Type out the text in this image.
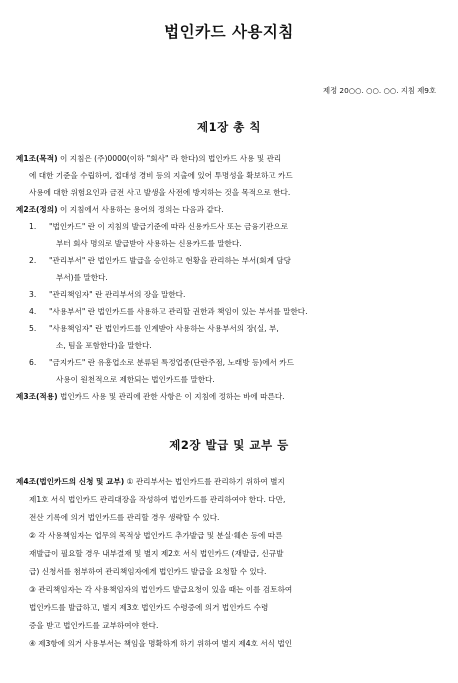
법인카드 사용지침
제정 20○○. ○○. ○○. 지침 제9호
제1장 총 칙
제1조(목적) 이 지침은 (주)0000(이하 "회사" 라 한다)의 법인카드 사용 및 관리
에 대한 기준을 수립하여, 접대성 경비 등의 지출에 있어 투명성을 확보하고 카드
사용에 대한 위험요인과 금전 사고 발생을 사전에 방지하는 것을 목적으로 한다.
제2조(정의) 이 지침에서 사용하는 용어의 정의는 다음과 같다.
1. "법인카드" 란 이 지침의 발급기준에 따라 신용카드사 또는 금융기관으로
부터 회사 명의로 발급받아 사용하는 신용카드를 말한다.
2. "관리부서" 란 법인카드 발급을 승인하고 현황을 관리하는 부서(회계 담당
부서)를 말한다.
3. "관리책임자" 란 관리부서의 장을 말한다.
4. "사용부서" 란 법인카드를 사용하고 관리할 권한과 책임이 있는 부서를 말한다.
5. "사용책임자" 란 법인카드를 인계받아 사용하는 사용부서의 장(실, 부,
소, 팀을 포함한다)을 말한다.
6. "금지카드" 란 유흥업소로 분류된 특정업종(단란주점, 노래방 등)에서 카드
사용이 원천적으로 제한되는 법인카드를 말한다.
제3조(적용) 법인카드 사용 및 관리에 관한 사항은 이 지침에 정하는 바에 따른다.
제2장 발급 및 교부 등
제4조(법인카드의 신청 및 교부) ① 관리부서는 법인카드를 관리하기 위하여 별지
제1호 서식 법인카드 관리대장을 작성하여 법인카드를 관리하여야 한다. 다만,
전산 기록에 의거 법인카드를 관리할 경우 생략할 수 있다.
② 각 사용책임자는 업무의 목적상 법인카드 추가발급 및 분실·훼손 등에 따른
재발급이 필요할 경우 내부결재 및 별지 제2호 서식 법인카드 (재발급, 신규발
급) 신청서를 첨부하여 관리책임자에게 법인카드 발급을 요청할 수 있다.
③ 관리책임자는 각 사용책임자의 법인카드 발급요청이 있을 때는 이를 검토하여
법인카드를 발급하고, 별지 제3호 법인카드 수령증에 의거 법인카드 수령
증을 받고 법인카드를 교부하여야 한다.
④ 제3항에 의거 사용부서는 책임을 명확하게 하기 위하여 별지 제4호 서식 법인
